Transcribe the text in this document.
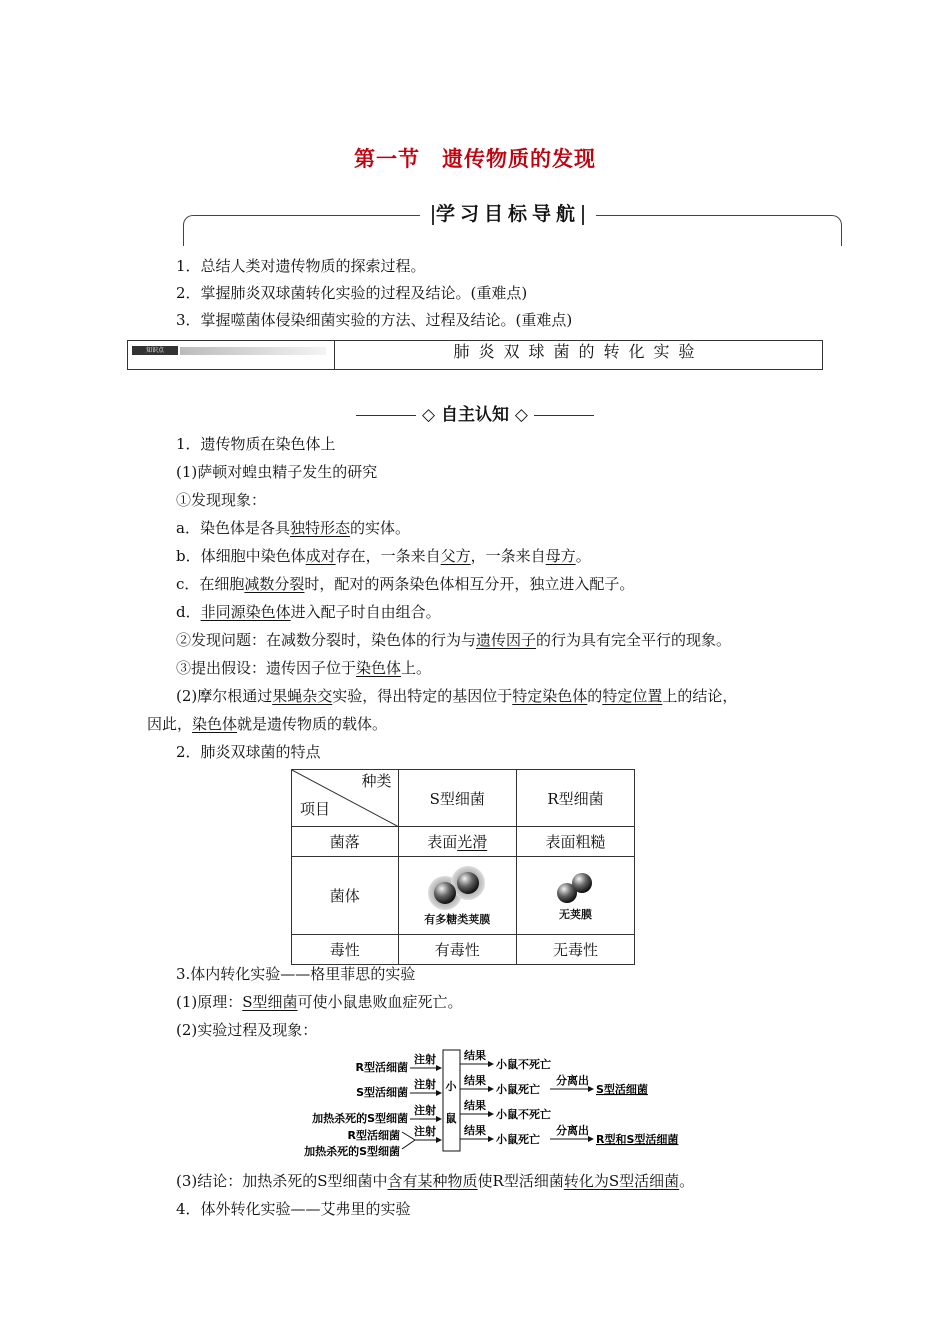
第一节　遗传物质的发现
学习目标导航
1．总结人类对遗传物质的探索过程。
2．掌握肺炎双球菌转化实验的过程及结论。(重难点)
3．掌握噬菌体侵染细菌实验的方法、过程及结论。(重难点)
知识点	肺炎双球菌的转化实验
◇ 自主认知 ◇
1．遗传物质在染色体上
(1)萨顿对蝗虫精子发生的研究
①发现现象：
a．染色体是各具独特形态的实体。
b．体细胞中染色体成对存在，一条来自父方，一条来自母方。
c．在细胞减数分裂时，配对的两条染色体相互分开，独立进入配子。
d．非同源染色体进入配子时自由组合。
②发现问题：在减数分裂时，染色体的行为与遗传因子的行为具有完全平行的现象。
③提出假设：遗传因子位于染色体上。
(2)摩尔根通过果蝇杂交实验，得出特定的基因位于特定染色体的特定位置上的结论，
因此，染色体就是遗传物质的载体。
2．肺炎双球菌的特点
种类
项目	S型细菌	R型细菌
菌落	表面光滑	表面粗糙
菌体	有多糖类荚膜	无荚膜

毒性	有毒性	无毒性
3.体内转化实验——格里菲思的实验
(1)原理：S型细菌可使小鼠患败血症死亡。
(2)实验过程及现象：
R型活细菌
S型活细菌
加热杀死的S型细菌
R型活细菌
加热杀死的S型细菌
注射
注射
注射
注射
小
鼠
结果
结果
结果
结果
小鼠不死亡
小鼠死亡
小鼠不死亡
小鼠死亡
分离出
分离出
S型活细菌
R型和S型活细菌
(3)结论：加热杀死的S型细菌中含有某种物质使R型活细菌转化为S型活细菌。
4．体外转化实验——艾弗里的实验
